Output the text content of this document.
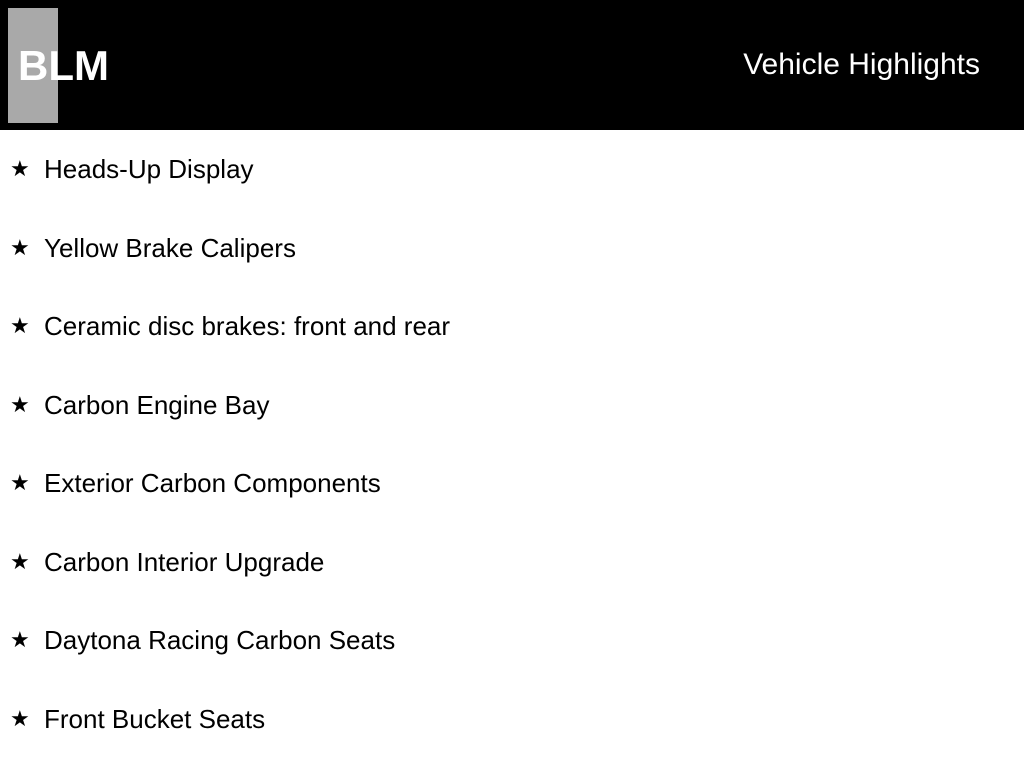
BLM	Vehicle Highlights
★ Heads-Up Display
★ Yellow Brake Calipers
★ Ceramic disc brakes: front and rear
★ Carbon Engine Bay
★ Exterior Carbon Components
★ Carbon Interior Upgrade
★ Daytona Racing Carbon Seats
★ Front Bucket Seats
